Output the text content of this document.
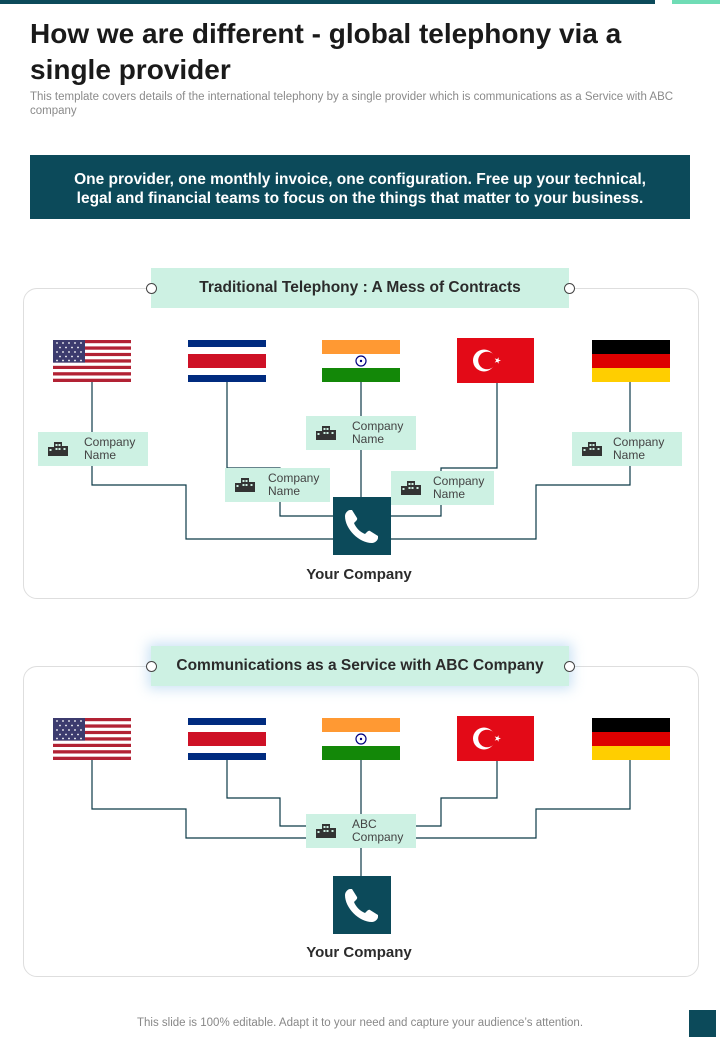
How we are different - global telephony via a single provider

This template covers details of the international telephony by a single provider which is communications as a Service with ABC company

One provider, one monthly invoice, one configuration. Free up your technical, legal and financial teams to focus on the things that matter to your business.
Traditional Telephony : A Mess of Contracts
Company
Name
Company
Name
Company
Name
Company
Name
Company
Name
Your Company
Communications as a Service with ABC Company
ABC
Company
Your Company
This slide is 100% editable. Adapt it to your need and capture your audience’s attention.
